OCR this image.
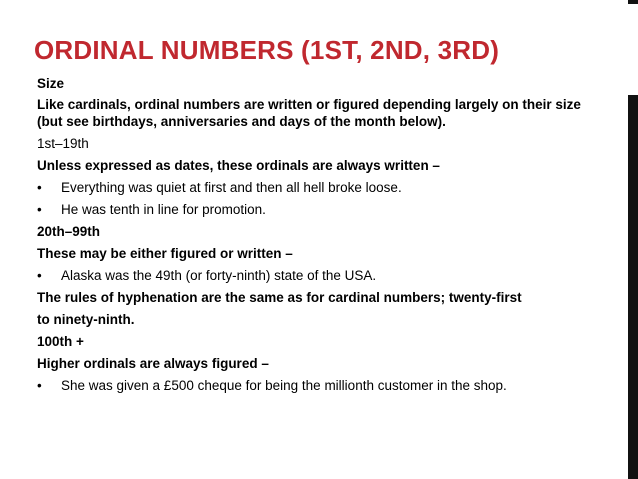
ORDINAL NUMBERS (1ST, 2ND, 3RD)
Size
Like cardinals, ordinal numbers are written or figured depending largely on their size (but see birthdays, anniversaries and days of the month below).
1st–19th
Unless expressed as dates, these ordinals are always written –
•	Everything was quiet at first and then all hell broke loose.
•	He was tenth in line for promotion.
20th–99th
These may be either figured or written –
•	Alaska was the 49th (or forty-ninth) state of the USA.
The rules of hyphenation are the same as for cardinal numbers; twenty-first
to ninety-ninth.
100th +
Higher ordinals are always figured –
•	She was given a £500 cheque for being the millionth customer in the shop.
